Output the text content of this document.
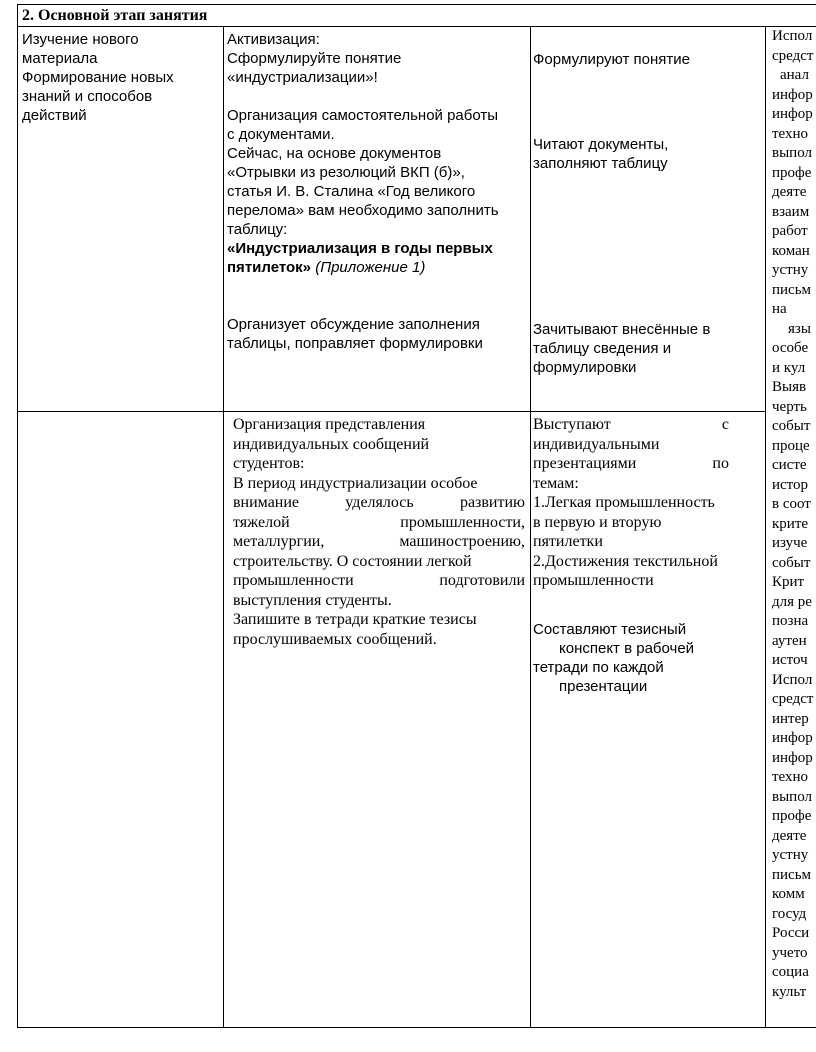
2. Основной этап занятия
Изучение нового
материала
Формирование новых
знаний и способов
действий
Активизация:
Сформулируйте понятие
«индустриализации»!
Организация самостоятельной работы
с документами.
Сейчас, на основе документов
«Отрывки из резолюций ВКП (б)»,
статья И. В. Сталина «Год великого
перелома» вам необходимо заполнить
таблицу:
«Индустриализация в годы первых
пятилеток» (Приложение 1)
Организует обсуждение заполнения
таблицы, поправляет формулировки
Формулируют понятие
Читают документы,
заполняют таблицу
Зачитывают внесённые в
таблицу сведения и
формулировки
Организация представления
индивидуальных сообщений
студентов:
В период индустриализации особое
внимание уделялось развитию
тяжелой промышленности,
металлургии, машиностроению,
строительству. О состоянии легкой
промышленности подготовили
выступления студенты.
Запишите в тетради краткие тезисы
прослушиваемых сообщений.
Выступают с
индивидуальными
презентациями по
темам:
1.Легкая промышленность
в первую и вторую
пятилетки
2.Достижения текстильной
промышленности
Составляют тезисный
конспект в рабочей
тетради по каждой
презентации
Испол
средст
анал
инфор
инфор
техно
выпол
профе
деяте
взаим
работ
коман
устну
письм
на
язы
особе
и кул
Выяв
черть
событ
проце
систе
истор
в соот
крите
изуче
событ
Крит
для ре
позна
аутен
источ
Испол
средст
интер
инфор
инфор
техно
выпол
профе
деяте
устну
письм
комм
госуд
Росси
учето
социа
культ
